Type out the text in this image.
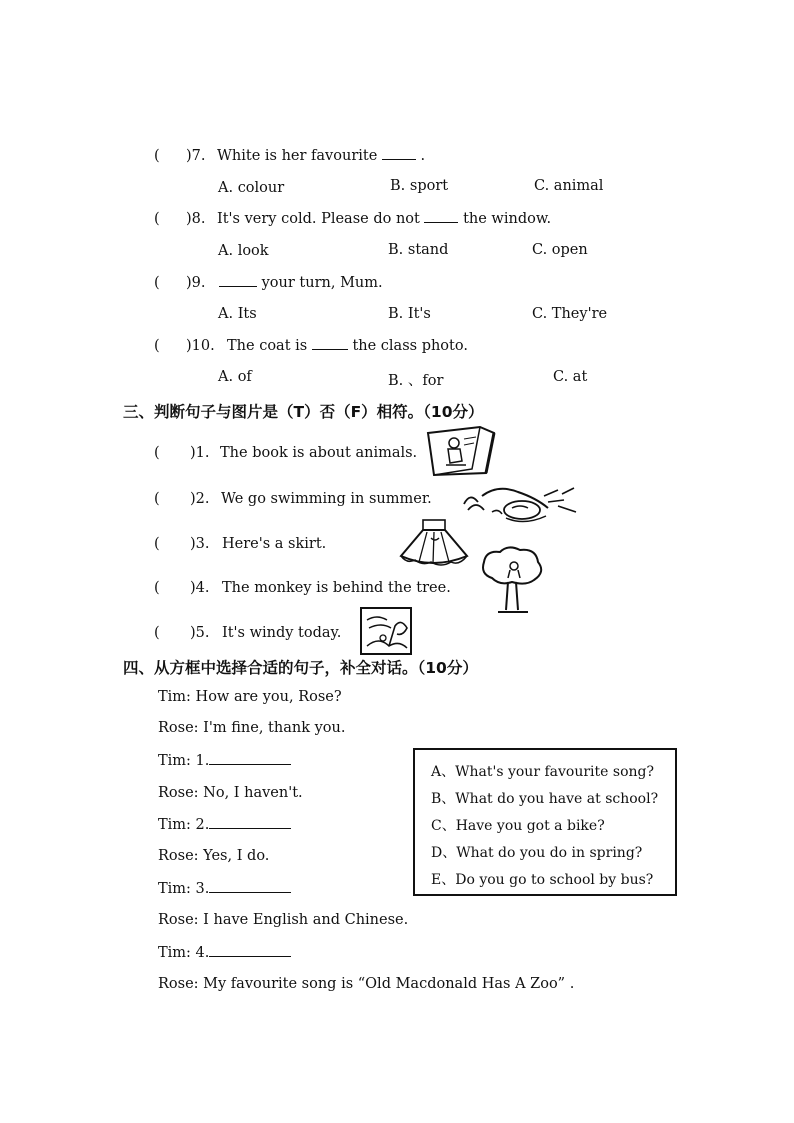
( )7. White is her favourite	.
A. colour	B. sport	C. animal
( )8. It's very cold. Please do not	the window.
A. look	B. stand	C. open
( )9.	your turn, Mum.
A. Its	B. It's	C. They're
( )10. The coat is	the class photo.
A. of	B. 、for	C. at
三、判断句子与图片是（T）否（F）相符。（10分）
( )1. The book is about animals.
( )2. We go swimming in summer.
( )3. Here's a skirt.
( )4. The monkey is behind the tree.
( )5. It's windy today.
四、从方框中选择合适的句子，补全对话。（10分）
Tim: How are you, Rose?
Rose: I'm fine, thank you.
Tim: 1.
Rose: No, I haven't.
Tim: 2.
Rose: Yes, I do.
Tim: 3.
Rose: I have English and Chinese.
Tim: 4.
Rose: My favourite song is “Old Macdonald Has A Zoo” .
A、What's your favourite song?
B、What do you have at school?
C、Have you got a bike?
D、What do you do in spring?
E、Do you go to school by bus?
